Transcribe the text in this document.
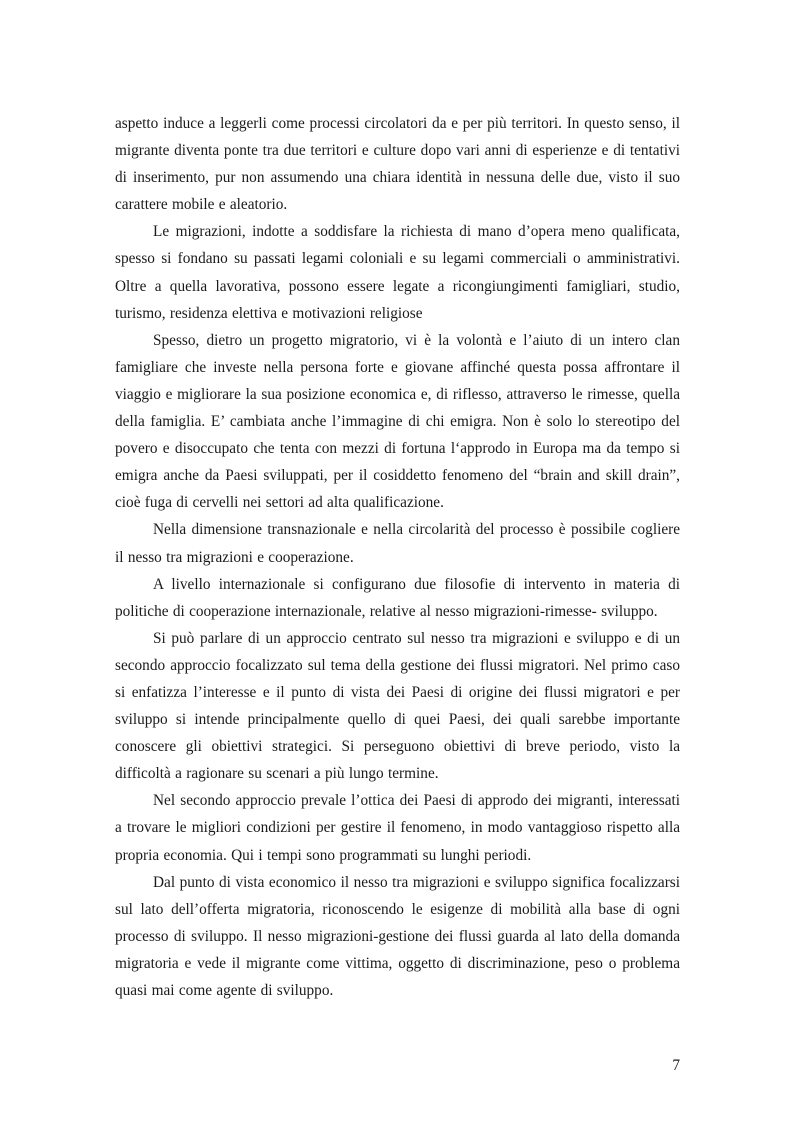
aspetto induce a leggerli come processi circolatori da e per più territori. In questo senso, il migrante diventa ponte tra due territori e culture dopo vari anni di esperienze e di tentativi di inserimento, pur non assumendo una chiara identità in nessuna delle due, visto il suo carattere mobile e aleatorio.

Le migrazioni, indotte a soddisfare la richiesta di mano d’opera meno qualificata, spesso si fondano su passati legami coloniali e su legami commerciali o amministrativi. Oltre a quella lavorativa, possono essere legate a ricongiungimenti famigliari, studio, turismo, residenza elettiva e motivazioni religiose

Spesso, dietro un progetto migratorio, vi è la volontà e l’aiuto di un intero clan famigliare che investe nella persona forte e giovane affinché questa possa affrontare il viaggio e migliorare la sua posizione economica e, di riflesso, attraverso le rimesse, quella della famiglia. E’ cambiata anche l’immagine di chi emigra. Non è solo lo stereotipo del povero e disoccupato che tenta con mezzi di fortuna l‘approdo in Europa ma da tempo si emigra anche da Paesi sviluppati, per il cosiddetto fenomeno del “brain and skill drain”, cioè fuga di cervelli nei settori ad alta qualificazione.

Nella dimensione transnazionale e nella circolarità del processo è possibile cogliere il nesso tra migrazioni e cooperazione.

A livello internazionale si configurano due filosofie di intervento in materia di politiche di cooperazione internazionale, relative al nesso migrazioni-rimesse- sviluppo.

Si può parlare di un approccio centrato sul nesso tra migrazioni e sviluppo e di un secondo approccio focalizzato sul tema della gestione dei flussi migratori. Nel primo caso si enfatizza l’interesse e il punto di vista dei Paesi di origine dei flussi migratori e per sviluppo si intende principalmente quello di quei Paesi, dei quali sarebbe importante conoscere gli obiettivi strategici. Si perseguono obiettivi di breve periodo, visto la difficoltà a ragionare su scenari a più lungo termine.

Nel secondo approccio prevale l’ottica dei Paesi di approdo dei migranti, interessati a trovare le migliori condizioni per gestire il fenomeno, in modo vantaggioso rispetto alla propria economia. Qui i tempi sono programmati su lunghi periodi.

Dal punto di vista economico il nesso tra migrazioni e sviluppo significa focalizzarsi sul lato dell’offerta migratoria, riconoscendo le esigenze di mobilità alla base di ogni processo di sviluppo. Il nesso migrazioni-gestione dei flussi guarda al lato della domanda migratoria e vede il migrante come vittima, oggetto di discriminazione, peso o problema quasi mai come agente di sviluppo.

7
